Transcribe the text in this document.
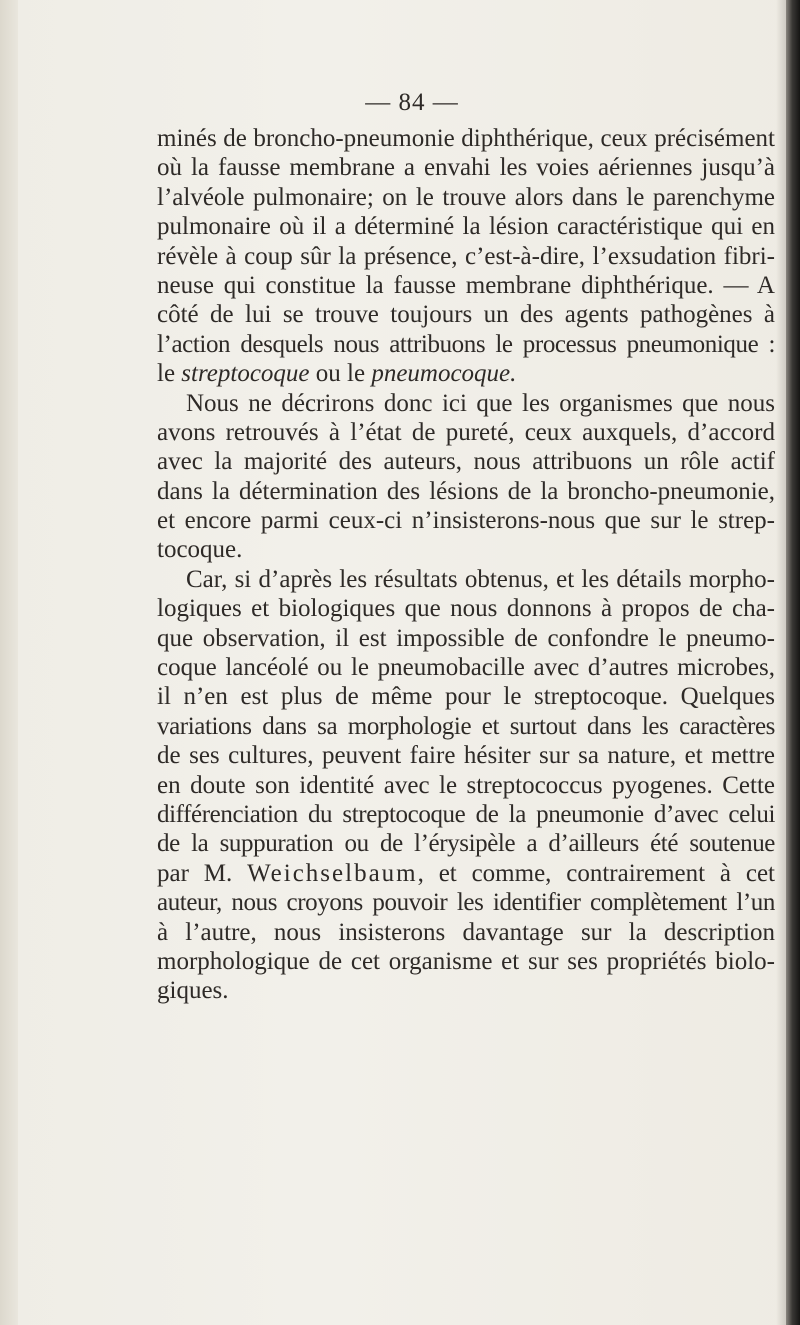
— 84 —
minés de broncho-pneumonie diphthérique, ceux précisément
où la fausse membrane a envahi les voies aériennes jusqu’à
l’alvéole pulmonaire; on le trouve alors dans le parenchyme
pulmonaire où il a déterminé la lésion caractéristique qui en
révèle à coup sûr la présence, c’est-à-dire, l’exsudation fibri-
neuse qui constitue la fausse membrane diphthérique. — A
côté de lui se trouve toujours un des agents pathogènes à
l’action desquels nous attribuons le processus pneumonique :
le streptocoque ou le pneumocoque.
Nous ne décrirons donc ici que les organismes que nous
avons retrouvés à l’état de pureté, ceux auxquels, d’accord
avec la majorité des auteurs, nous attribuons un rôle actif
dans la détermination des lésions de la broncho-pneumonie,
et encore parmi ceux-ci n’insisterons-nous que sur le strep-
tocoque.
Car, si d’après les résultats obtenus, et les détails morpho-
logiques et biologiques que nous donnons à propos de cha-
que observation, il est impossible de confondre le pneumo-
coque lancéolé ou le pneumobacille avec d’autres microbes,
il n’en est plus de même pour le streptocoque. Quelques
variations dans sa morphologie et surtout dans les caractères
de ses cultures, peuvent faire hésiter sur sa nature, et mettre
en doute son identité avec le streptococcus pyogenes. Cette
différenciation du streptocoque de la pneumonie d’avec celui
de la suppuration ou de l’érysipèle a d’ailleurs été soutenue
par M. Weichselbaum, et comme, contrairement à cet
auteur, nous croyons pouvoir les identifier complètement l’un
à l’autre, nous insisterons davantage sur la description
morphologique de cet organisme et sur ses propriétés biolo-
giques.
